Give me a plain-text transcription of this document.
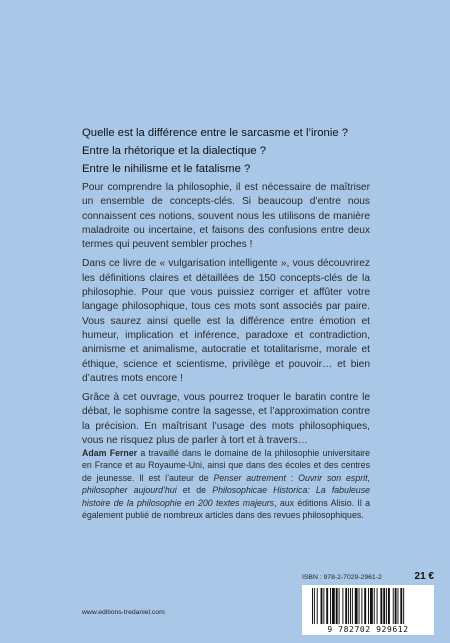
Quelle est la différence entre le sarcasme et l’ironie ?
Entre la rhétorique et la dialectique ?
Entre le nihilisme et le fatalisme ?

Pour comprendre la philosophie, il est nécessaire de maîtriser un ensemble de concepts-clés. Si beaucoup d’entre nous connaissent ces notions, souvent nous les utilisons de manière maladroite ou incertaine, et faisons des confusions entre deux termes qui peuvent sembler proches !

Dans ce livre de « vulgarisation intelligente », vous découvrirez les définitions claires et détaillées de 150 concepts-clés de la philosophie. Pour que vous puissiez corriger et affûter votre langage philosophique, tous ces mots sont associés par paire. Vous saurez ainsi quelle est la différence entre émotion et humeur, implication et inférence, paradoxe et contradiction, animisme et animalisme, autocratie et totalitarisme, morale et éthique, science et scientisme, privilège et pouvoir… et bien d’autres mots encore !

Grâce à cet ouvrage, vous pourrez troquer le baratin contre le débat, le sophisme contre la sagesse, et l’approximation contre la précision. En maîtrisant l’usage des mots philosophiques, vous ne risquez plus de parler à tort et à travers…

Adam Ferner a travaillé dans le domaine de la philosophie universitaire en France et au Royaume-Uni, ainsi que dans des écoles et des centres de jeunesse. Il est l’auteur de Penser autrement : Ouvrir son esprit, philosopher aujourd’hui et de Philosophicae Historica: La fabuleuse histoire de la philosophie en 200 textes majeurs, aux éditions Alisio. Il a également publié de nombreux articles dans des revues philosophiques.
ISBN : 978-2-7029-2961-2	21 €
9 782702 929612
www.editions-tredaniel.com
